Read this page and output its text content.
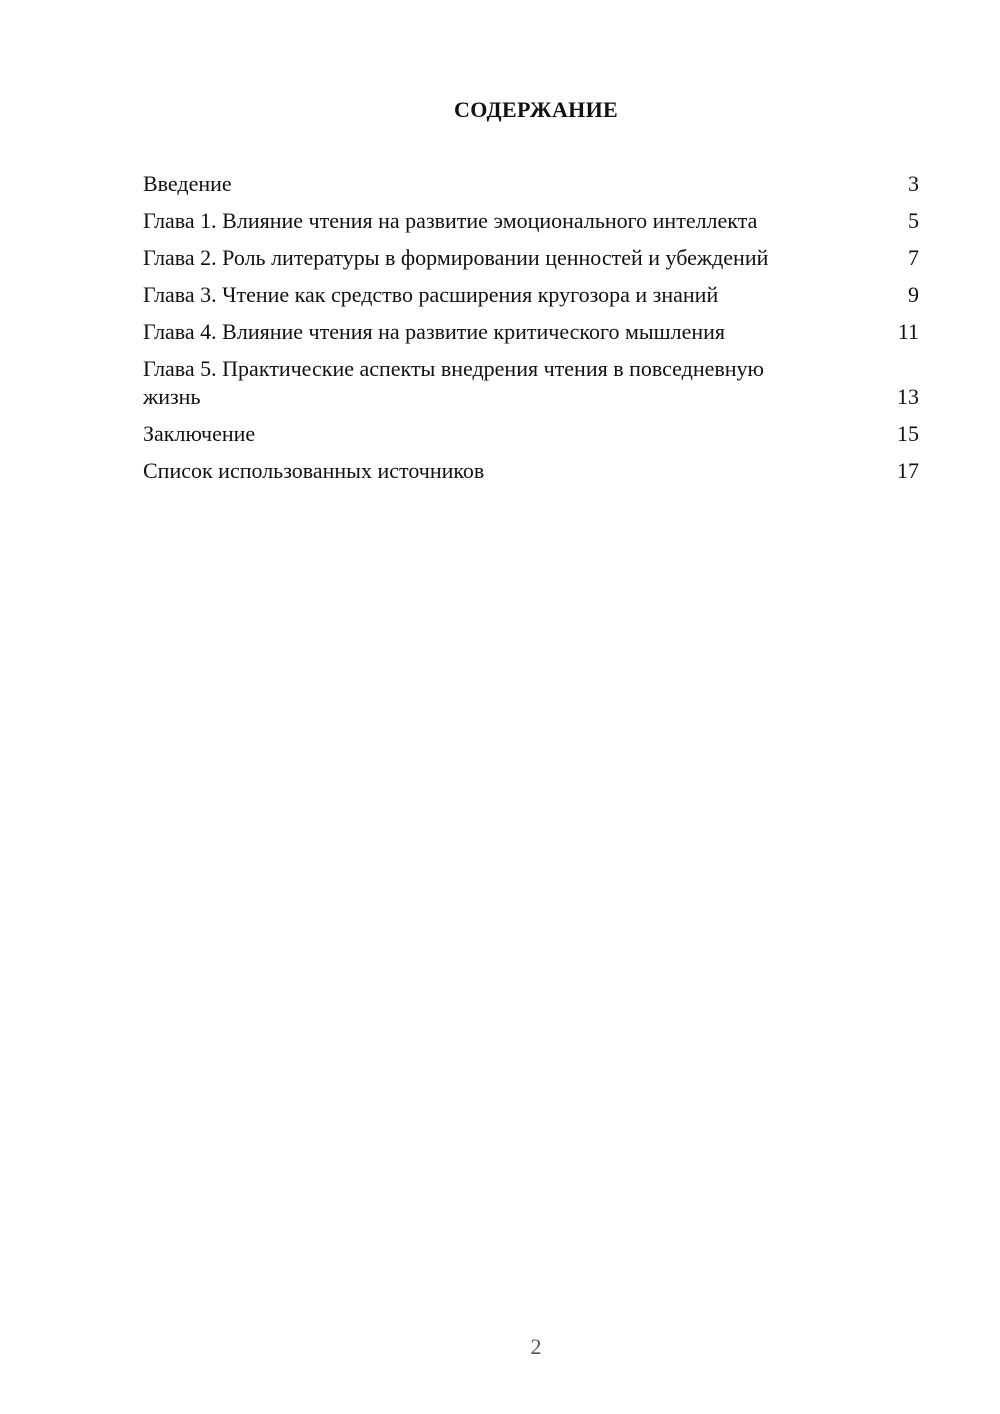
СОДЕРЖАНИЕ
Введение	3
Глава 1. Влияние чтения на развитие эмоционального интеллекта	5
Глава 2. Роль литературы в формировании ценностей и убеждений	7
Глава 3. Чтение как средство расширения кругозора и знаний	9
Глава 4. Влияние чтения на развитие критического мышления	11
Глава 5. Практические аспекты внедрения чтения в повседневную жизнь	13
Заключение	15
Список использованных источников	17
2
